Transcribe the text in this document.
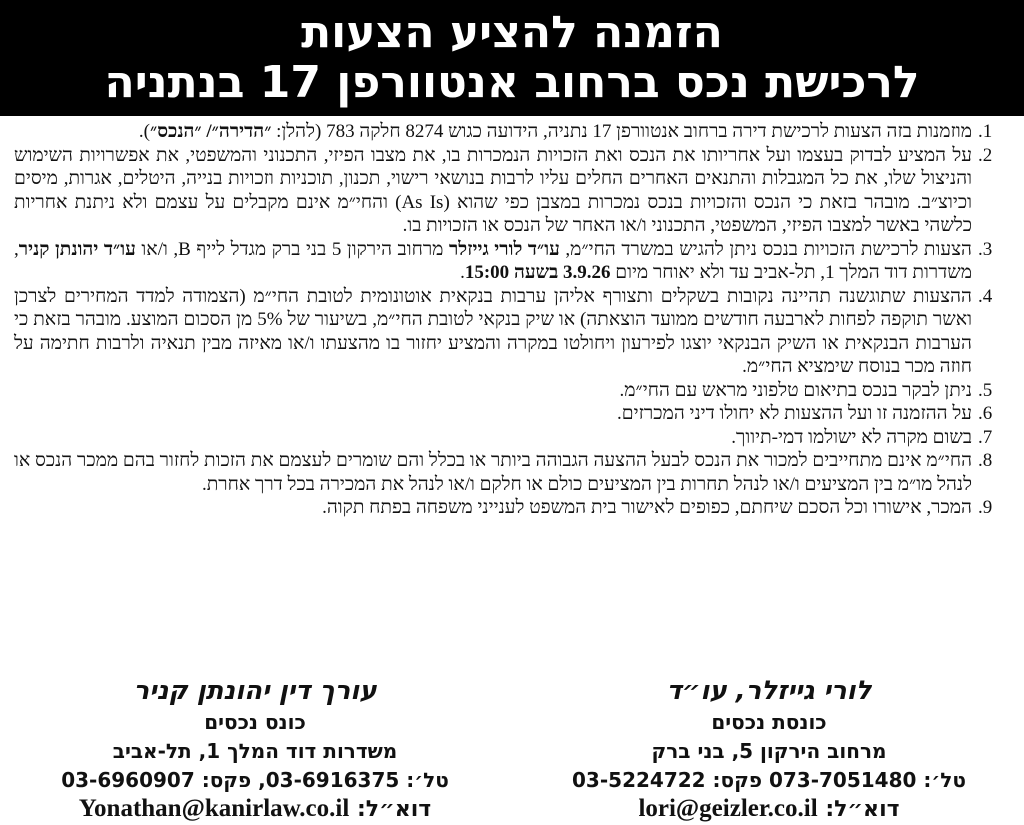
הזמנה להציע הצעות
לרכישת נכס ברחוב אנטוורפן 17 בנתניה
1.
מוזמנות בזה הצעות לרכישת דירה ברחוב אנטוורפן 17 נתניה, הידועה כגוש 8274 חלקה 783 (להלן: ״הדירה״/ ״הנכס״).
2.
על המציע לבדוק בעצמו ועל אחריותו את הנכס ואת הזכויות הנמכרות בו, את מצבו הפיזי, התכנוני והמשפטי, את אפשרויות השימוש והניצול שלו, את כל המגבלות והתנאים האחרים החלים עליו לרבות בנושאי רישוי, תכנון, תוכניות וזכויות בנייה, היטלים, אגרות, מיסים וכיוצ״ב. מובהר בזאת כי הנכס והזכויות בנכס נמכרות במצבן כפי שהוא (As Is) והחי״מ אינם מקבלים על עצמם ולא ניתנת אחריות כלשהי באשר למצבו הפיזי, המשפטי, התכנוני ו/או האחר של הנכס או הזכויות בו.
3.
הצעות לרכישת הזכויות בנכס ניתן להגיש במשרד החי״מ, עו״ד לורי גייזלר מרחוב הירקון 5 בני ברק מגדל לייף B, ו/או עו״ד יהונתן קניר, משדרות דוד המלך 1, תל-אביב עד ולא יאוחר מיום 3.9.26 בשעה 15:00.
4.
ההצעות שתוגשנה תהיינה נקובות בשקלים ותצורף אליהן ערבות בנקאית אוטונומית לטובת החי״מ (הצמודה למדד המחירים לצרכן ואשר תוקפה לפחות לארבעה חודשים ממועד הוצאתה) או שיק בנקאי לטובת החי״מ, בשיעור של 5% מן הסכום המוצע. מובהר בזאת כי הערבות הבנקאית או השיק הבנקאי יוצגו לפירעון ויחולטו במקרה והמציע יחזור בו מהצעתו ו/או מאיזה מבין תנאיה ולרבות חתימה על חוזה מכר בנוסח שימציא החי״מ.
5.
ניתן לבקר בנכס בתיאום טלפוני מראש עם החי״מ.
6.
על ההזמנה זו ועל ההצעות לא יחולו דיני המכרזים.
7.
בשום מקרה לא ישולמו דמי-תיווך.
8.
החי״מ אינם מתחייבים למכור את הנכס לבעל ההצעה הגבוהה ביותר או בכלל והם שומרים לעצמם את הזכות לחזור בהם ממכר הנכס או לנהל מו״מ בין המציעים ו/או לנהל תחרות בין המציעים כולם או חלקם ו/או לנהל את המכירה בכל דרך אחרת.
9.
המכר, אישורו וכל הסכם שיחתם, כפופים לאישור בית המשפט לענייני משפחה בפתח תקוה.
לורי גייזלר, עו״ד
כונסת נכסים
מרחוב הירקון 5, בני ברק
טל׳: 073-7051480 פקס: 03-5224722
דוא״ל: lori@geizler.co.il
עורך דין יהונתן קניר
כונס נכסים
משדרות דוד המלך 1, תל-אביב
טל׳: 03-6916375, פקס: 03-6960907
דוא״ל: Yonathan@kanirlaw.co.il
